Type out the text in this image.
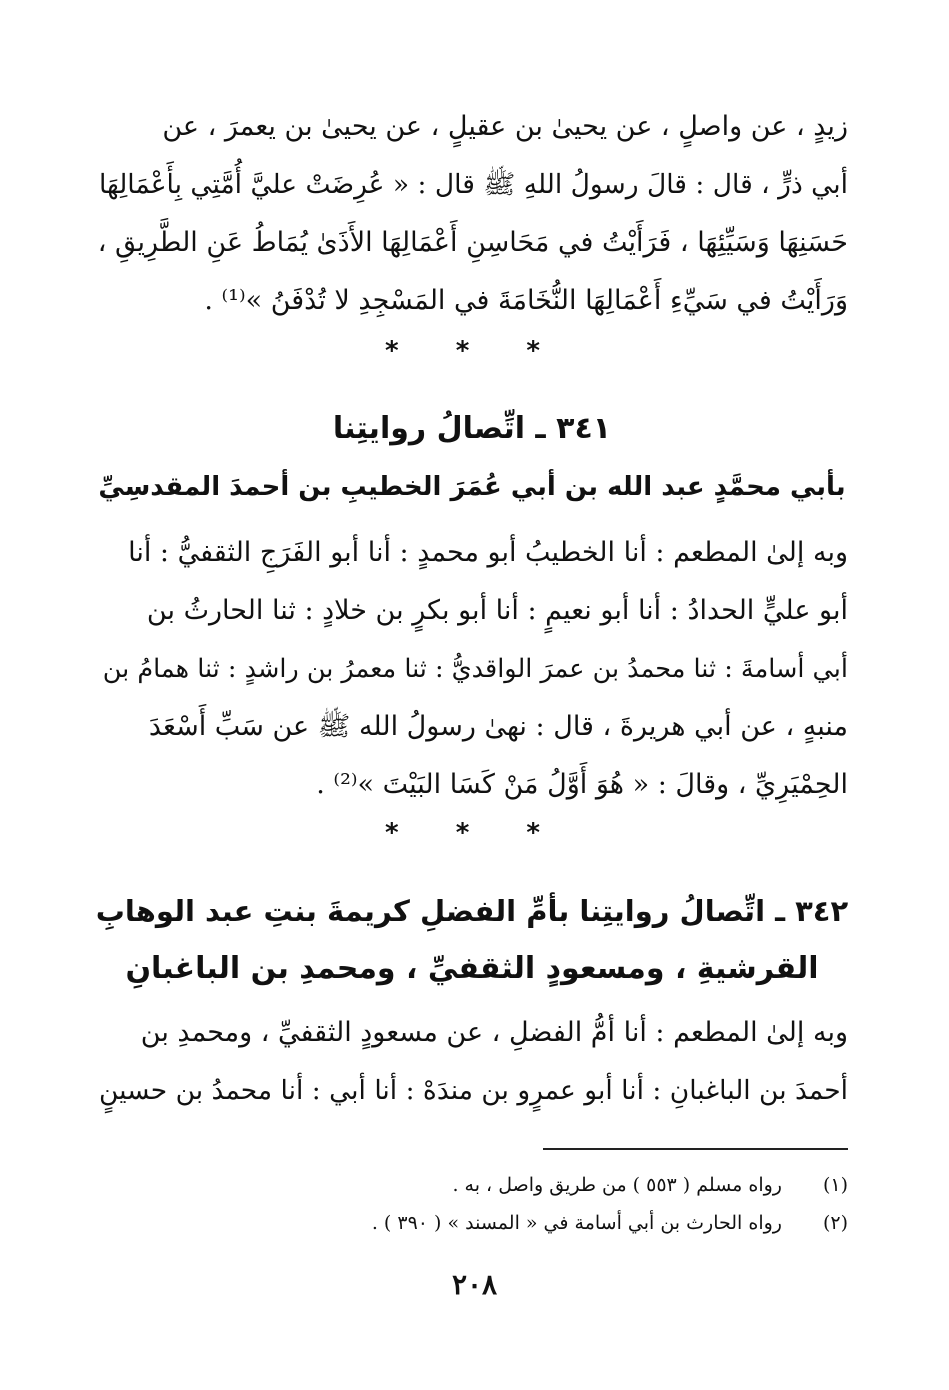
زيدٍ ، عن واصلٍ ، عن يحيىٰ بن عقيلٍ ، عن يحيىٰ بن يعمرَ ، عن
أبي ذرٍّ ، قال : قالَ رسولُ اللهِ ﷺ قال : « عُرِضَتْ عليَّ أُمَّتِي بِأَعْمَالِهَا
حَسَنِهَا وَسَيِّئِهَا ، فَرَأَيْتُ في مَحَاسِنِ أَعْمَالِهَا الأَذَىٰ يُمَاطُ عَنِ الطَّرِيقِ ،
وَرَأَيْتُ في سَيِّءِ أَعْمَالِهَا النُّخَامَةَ في المَسْجِدِ لا تُدْفَنُ »⁽¹⁾ .
* * *
٣٤١ ـ اتِّصالُ روايتِنا
بأبي محمَّدٍ عبد الله بن أبي عُمَرَ الخطيبِ بن أحمدَ المقدسِيِّ
وبه إلىٰ المطعم : أنا الخطيبُ أبو محمدٍ : أنا أبو الفَرَجِ الثقفيُّ : أنا
أبو عليٍّ الحدادُ : أنا أبو نعيمٍ : أنا أبو بكرٍ بن خلادٍ : ثنا الحارثُ بن
أبي أسامةَ : ثنا محمدُ بن عمرَ الواقديُّ : ثنا معمرُ بن راشدٍ : ثنا همامُ بن
منبهٍ ، عن أبي هريرةَ ، قال : نهىٰ رسولُ الله ﷺ عن سَبِّ أَسْعَدَ
الحِمْيَرِيِّ ، وقالَ : « هُوَ أَوَّلُ مَنْ كَسَا البَيْتَ »⁽²⁾ .
* * *
٣٤٢ ـ اتِّصالُ روايتِنا بأمِّ الفضلِ كريمةَ بنتِ عبد الوهابِ
القرشيةِ ، ومسعودٍ الثقفيِّ ، ومحمدِ بن الباغبانِ
وبه إلىٰ المطعم : أنا أمُّ الفضلِ ، عن مسعودٍ الثقفيِّ ، ومحمدِ بن
أحمدَ بن الباغبانِ : أنا أبو عمرٍو بن مندَهْ : أنا أبي : أنا محمدُ بن حسينٍ
(١) رواه مسلم ( ٥٥٣ ) من طريق واصل ، به .
(٢) رواه الحارث بن أبي أسامة في « المسند » ( ٣٩٠ ) .
٢٠٨
